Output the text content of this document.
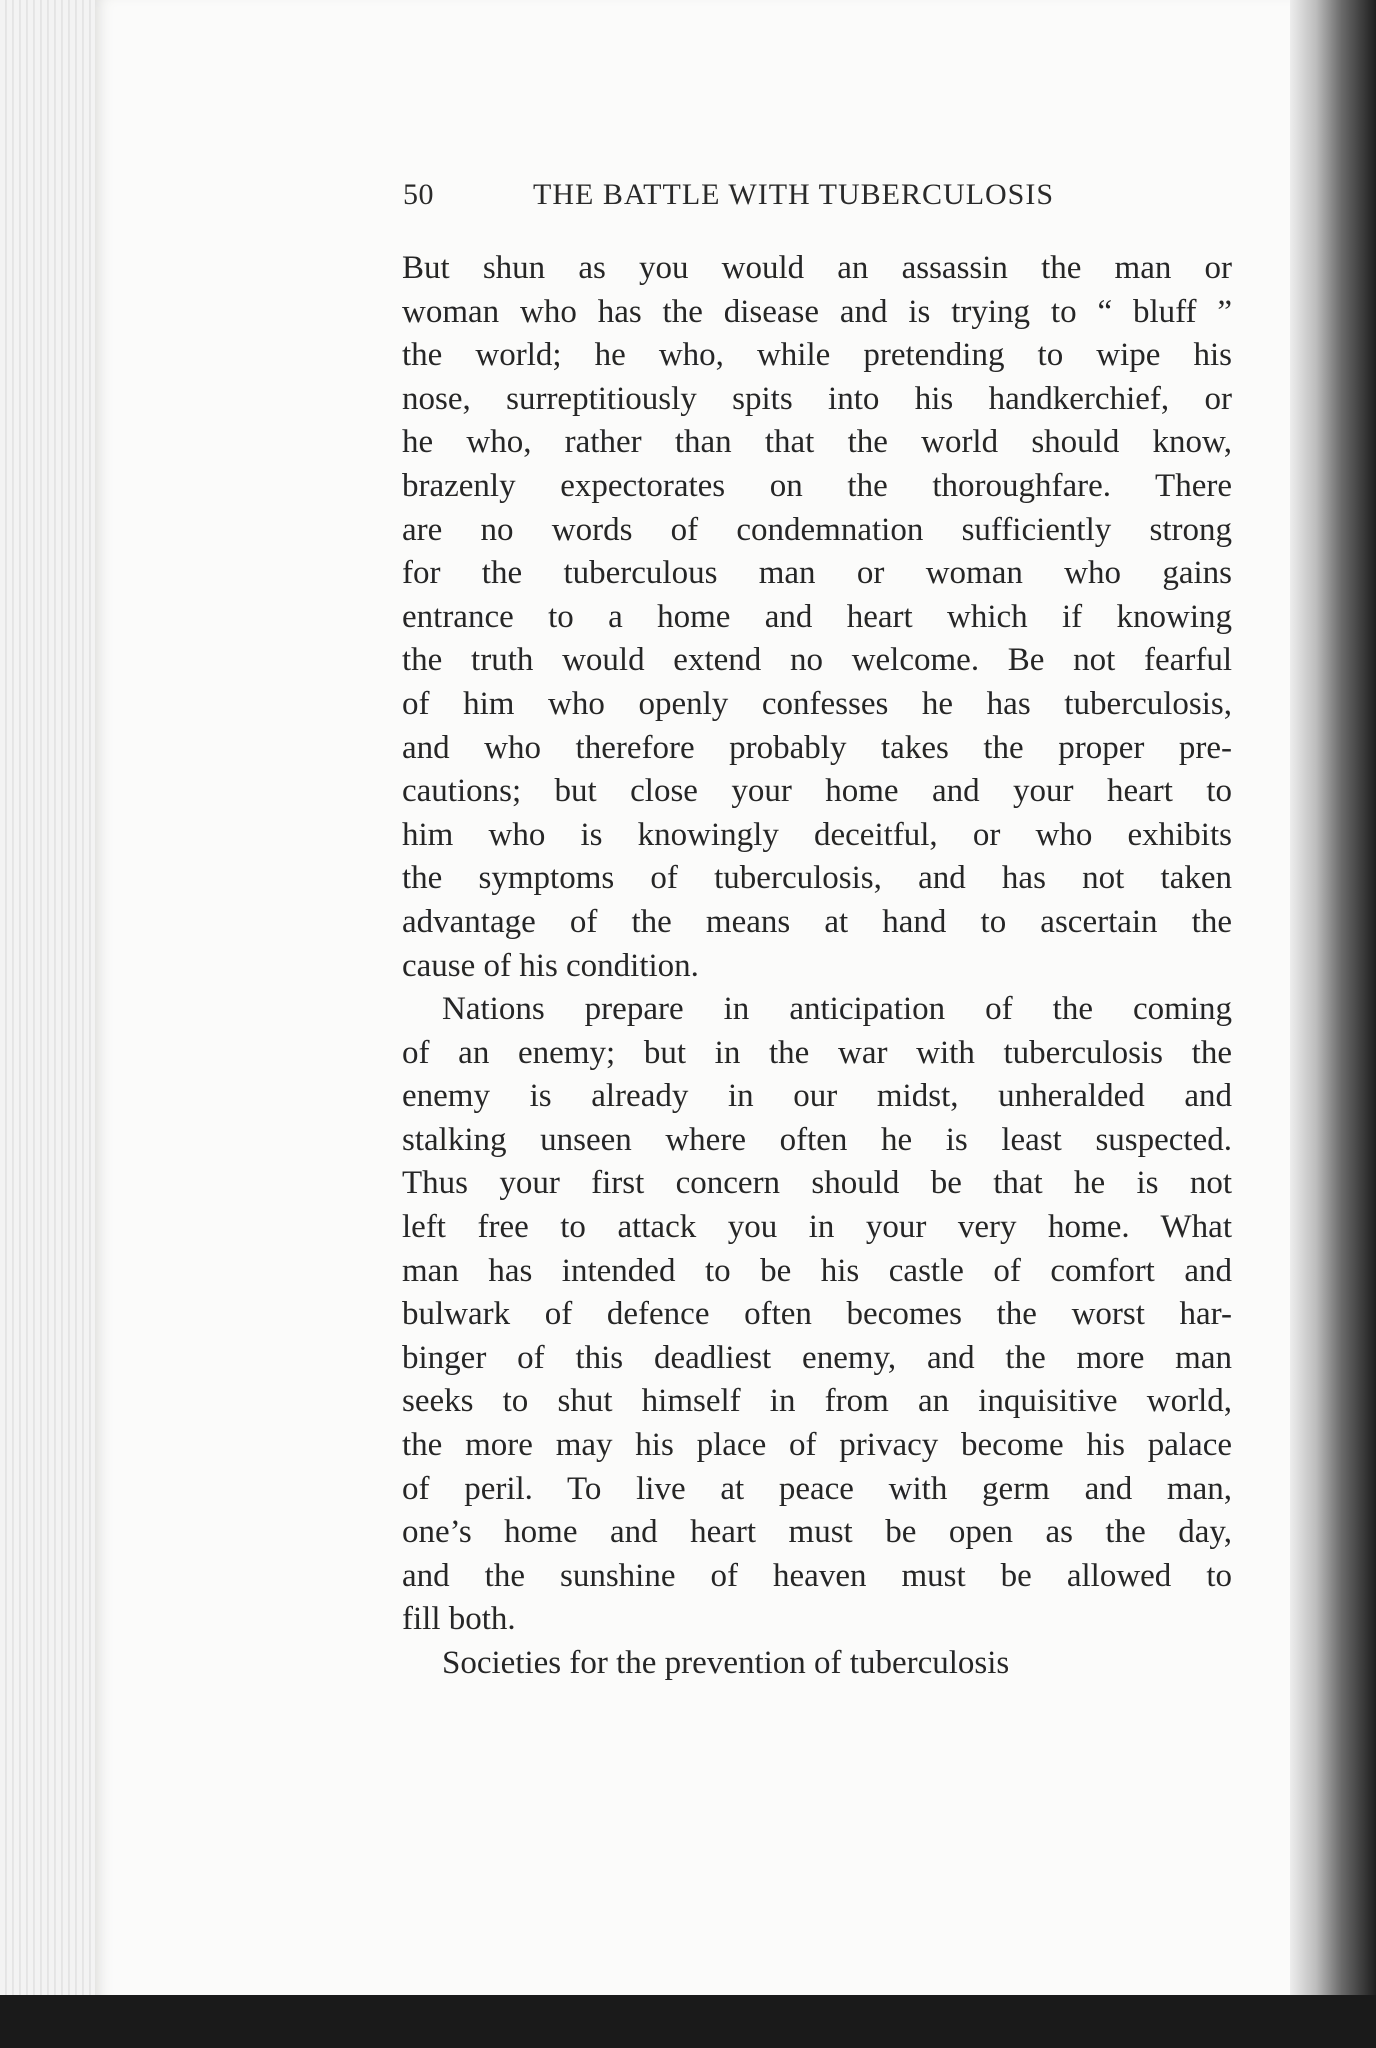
50	THE BATTLE WITH TUBERCULOSIS

But shun as you would an assassin the man or
woman who has the disease and is trying to “ bluff ”
the world; he who, while pretending to wipe his
nose, surreptitiously spits into his handkerchief, or
he who, rather than that the world should know,
brazenly expectorates on the thoroughfare. There
are no words of condemnation sufficiently strong
for the tuberculous man or woman who gains
entrance to a home and heart which if knowing
the truth would extend no welcome. Be not fearful
of him who openly confesses he has tuberculosis,
and who therefore probably takes the proper pre-
cautions; but close your home and your heart to
him who is knowingly deceitful, or who exhibits
the symptoms of tuberculosis, and has not taken
advantage of the means at hand to ascertain the
cause of his condition.

Nations prepare in anticipation of the coming
of an enemy; but in the war with tuberculosis the
enemy is already in our midst, unheralded and
stalking unseen where often he is least suspected.
Thus your first concern should be that he is not
left free to attack you in your very home. What
man has intended to be his castle of comfort and
bulwark of defence often becomes the worst har-
binger of this deadliest enemy, and the more man
seeks to shut himself in from an inquisitive world,
the more may his place of privacy become his palace
of peril. To live at peace with germ and man,
one’s home and heart must be open as the day,
and the sunshine of heaven must be allowed to
fill both.

Societies for the prevention of tuberculosis
